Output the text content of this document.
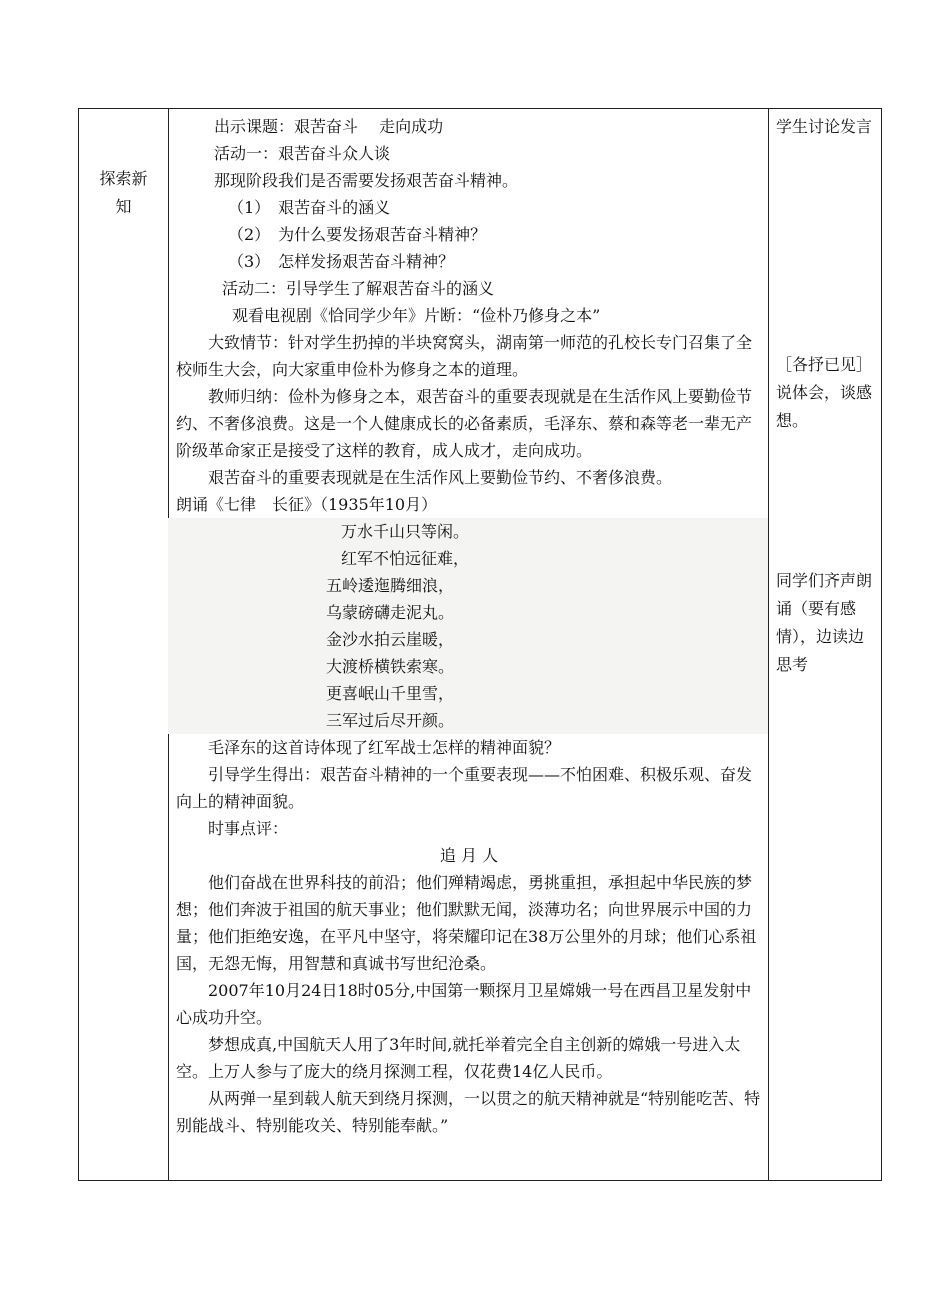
探索新
知

出示课题：艰苦奋斗　 走向成功

活动一：艰苦奋斗众人谈

那现阶段我们是否需要发扬艰苦奋斗精神。

（1）　艰苦奋斗的涵义

（2）　为什么要发扬艰苦奋斗精神？

（3）　怎样发扬艰苦奋斗精神？

活动二：引导学生了解艰苦奋斗的涵义

观看电视剧《恰同学少年》片断：“俭朴乃修身之本”

大致情节：针对学生扔掉的半块窝窝头，湖南第一师范的孔校长专门召集了全校师生大会，向大家重申俭朴为修身之本的道理。

教师归纳：俭朴为修身之本，艰苦奋斗的重要表现就是在生活作风上要勤俭节约、不奢侈浪费。这是一个人健康成长的必备素质，毛泽东、蔡和森等老一辈无产阶级革命家正是接受了这样的教育，成人成才，走向成功。

艰苦奋斗的重要表现就是在生活作风上要勤俭节约、不奢侈浪费。

朗诵《七律　长征》（1935年10月）

万水千山只等闲。

红军不怕远征难，

五岭逶迤腾细浪，

乌蒙磅礴走泥丸。

金沙水拍云崖暖，

大渡桥横铁索寒。

更喜岷山千里雪，

三军过后尽开颜。

毛泽东的这首诗体现了红军战士怎样的精神面貌？

引导学生得出：艰苦奋斗精神的一个重要表现——不怕困难、积极乐观、奋发向上的精神面貌。

时事点评：

追 月 人

他们奋战在世界科技的前沿；他们殚精竭虑，勇挑重担，承担起中华民族的梦想；他们奔波于祖国的航天事业；他们默默无闻，淡薄功名；向世界展示中国的力量；他们拒绝安逸，在平凡中坚守，将荣耀印记在38万公里外的月球；他们心系祖国，无怨无悔，用智慧和真诚书写世纪沧桑。

2007年10月24日18时05分,中国第一颗探月卫星嫦娥一号在西昌卫星发射中心成功升空。

梦想成真,中国航天人用了3年时间,就托举着完全自主创新的嫦娥一号进入太空。上万人参与了庞大的绕月探测工程，仅花费14亿人民币。

从两弹一星到载人航天到绕月探测，一以贯之的航天精神就是“特别能吃苦、特别能战斗、特别能攻关、特别能奉献。”

学生讨论发言
［各抒已见］说体会，谈感想。
同学们齐声朗诵（要有感情），边读边思考
